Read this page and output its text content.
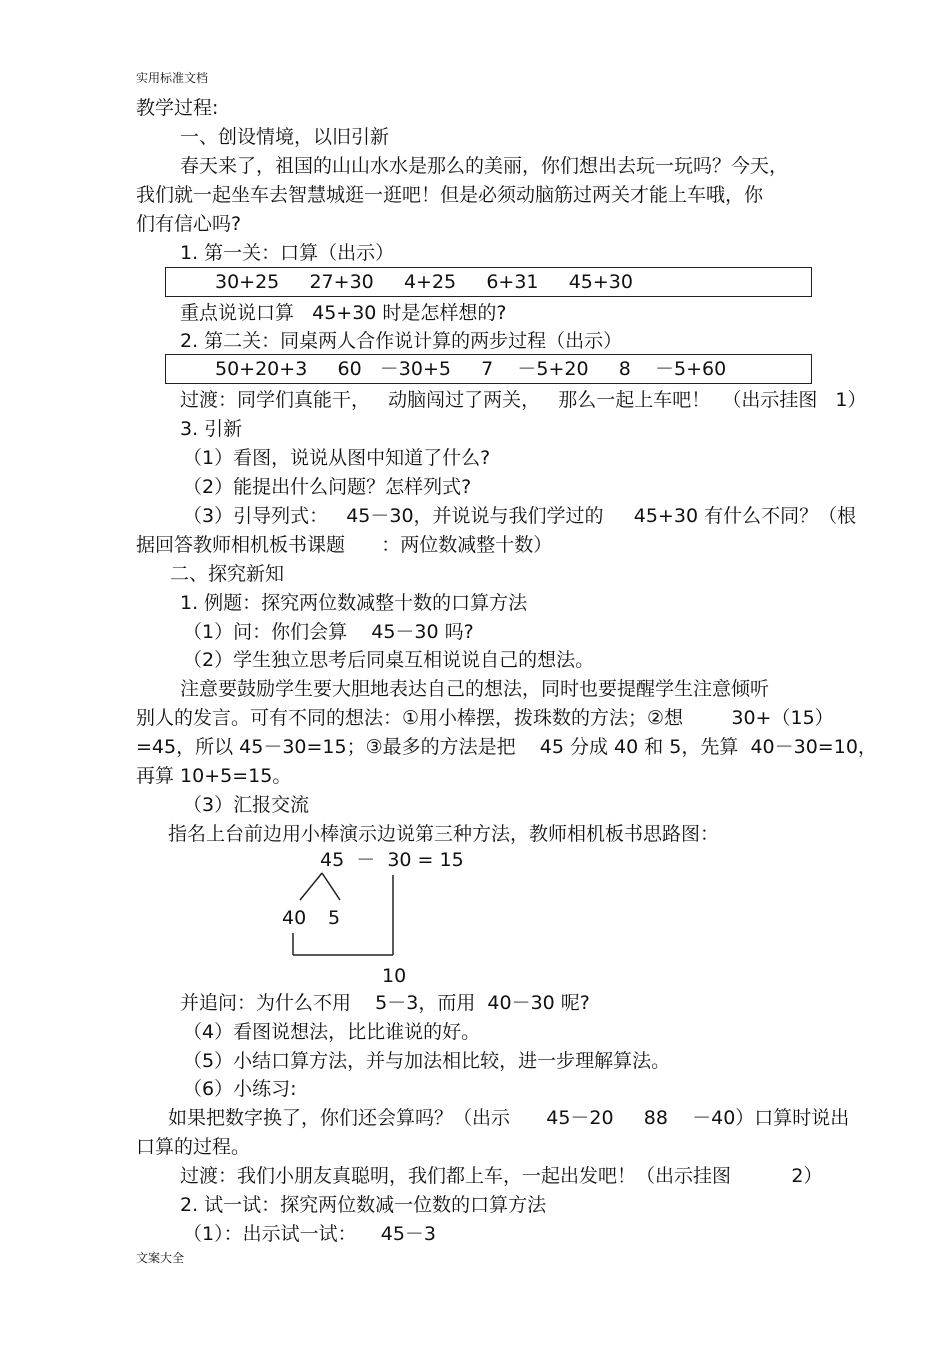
实用标准文档
教学过程:
一、创设情境，以旧引新
春天来了，祖国的山山水水是那么的美丽，你们想出去玩一玩吗？今天，
我们就一起坐车去智慧城逛一逛吧！但是必须动脑筋过两关才能上车哦，你
们有信心吗?
1. 第一关：口算（出示）
30+25     27+30     4+25     6+31     45+30
重点说说口算   45+30 时是怎样想的?
2. 第二关：同桌两人合作说计算的两步过程（出示）
50+20+3     60   －30+5     7    －5+20     8    －5+60
过渡：同学们真能干，   动脑闯过了两关，   那么一起上车吧！  （出示挂图   1）
3. 引新
（1）看图，说说从图中知道了什么?
（2）能提出什么问题？怎样列式?
（3）引导列式：   45－30，并说说与我们学过的     45+30 有什么不同？（根
据回答教师相机板书课题      ：两位数减整十数）
二、探究新知
1. 例题：探究两位数减整十数的口算方法
（1）问：你们会算    45－30 吗?
（2）学生独立思考后同桌互相说说自己的想法。
注意要鼓励学生要大胆地表达自己的想法，同时也要提醒学生注意倾听
别人的发言。可有不同的想法：①用小棒摆，拨珠数的方法；②想        30+（15）
=45，所以 45－30=15；③最多的方法是把    45 分成 40 和 5，先算  40－30=10，
再算 10+5=15。
（3）汇报交流
指名上台前边用小棒演示边说第三种方法，教师相机板书思路图：
45  －  30 = 15
40 5
10
并追问：为什么不用    5－3，而用  40－30 呢?
（4）看图说想法，比比谁说的好。
（5）小结口算方法，并与加法相比较，进一步理解算法。
（6）小练习:
如果把数字换了，你们还会算吗？（出示      45－20     88    －40）口算时说出
口算的过程。
过渡：我们小朋友真聪明，我们都上车，一起出发吧！（出示挂图          2）
2. 试一试：探究两位数减一位数的口算方法
（1）：出示试一试：    45－3
文案大全
